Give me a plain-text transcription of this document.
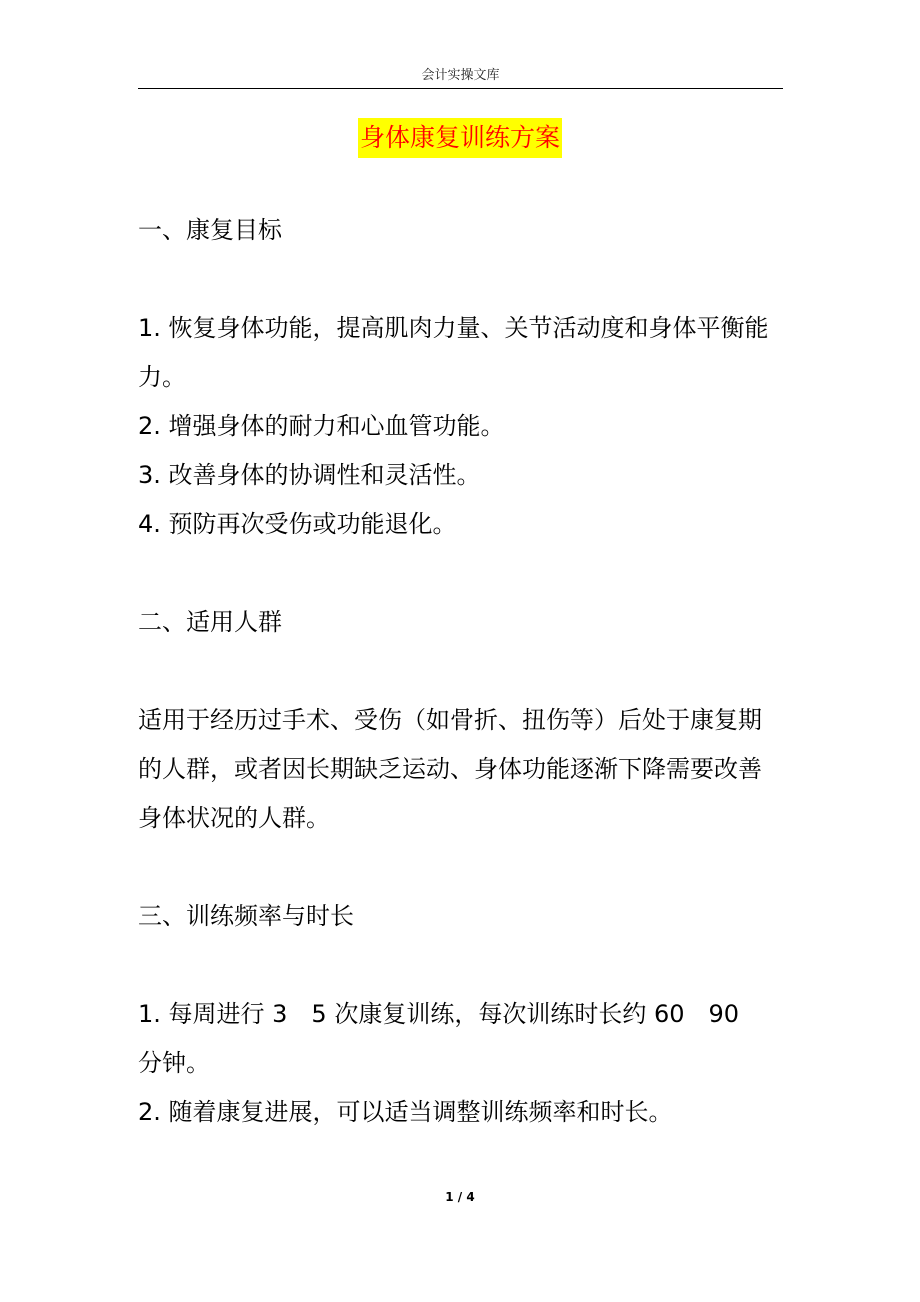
会计实操文库
身体康复训练方案
一、康复目标
1. 恢复身体功能，提高肌肉力量、关节活动度和身体平衡能
力。
2. 增强身体的耐力和心血管功能。
3. 改善身体的协调性和灵活性。
4. 预防再次受伤或功能退化。
二、适用人群
适用于经历过手术、受伤（如骨折、扭伤等）后处于康复期
的人群，或者因长期缺乏运动、身体功能逐渐下降需要改善
身体状况的人群。
三、训练频率与时长
1. 每周进行 3　5 次康复训练，每次训练时长约 60　90
分钟。
2. 随着康复进展，可以适当调整训练频率和时长。
1 / 4
